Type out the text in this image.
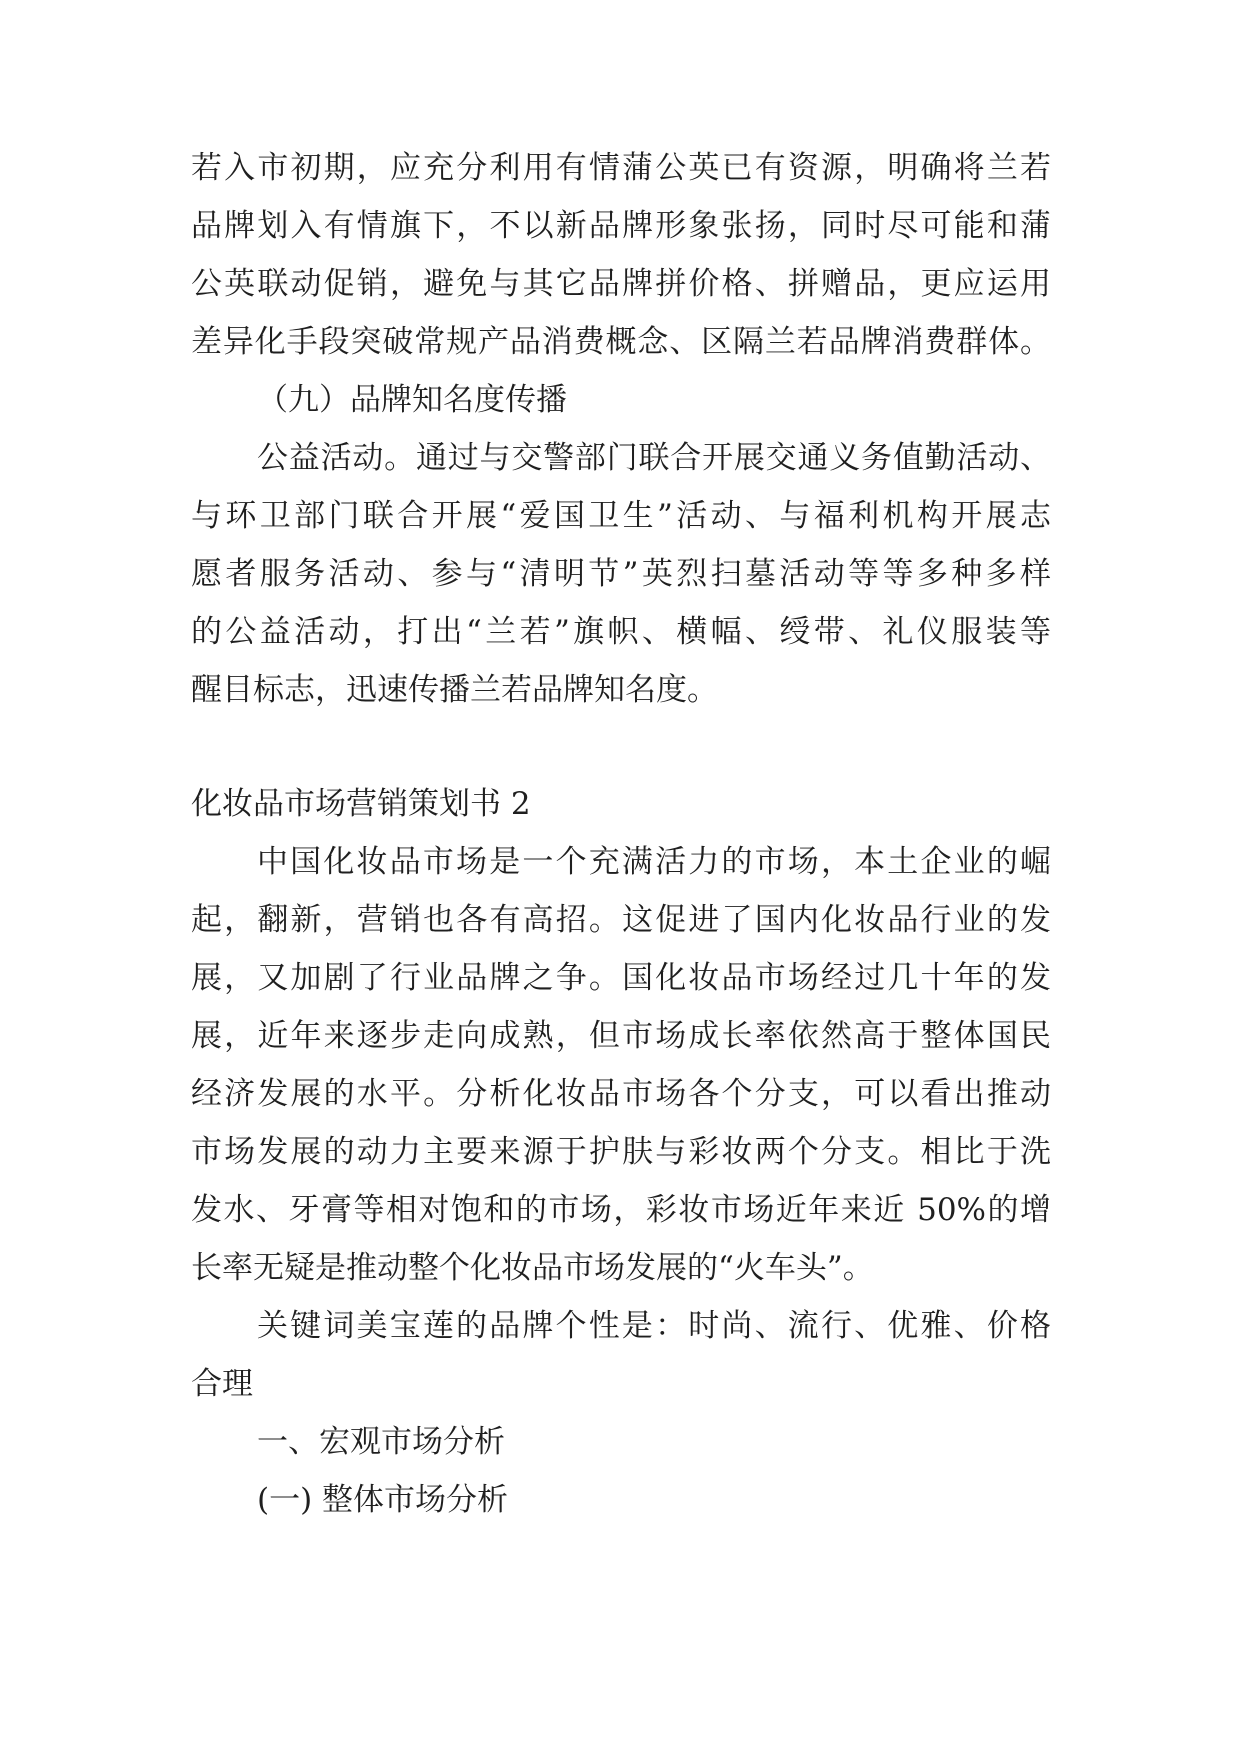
若入市初期，应充分利用有情蒲公英已有资源，明确将兰若
品牌划入有情旗下，不以新品牌形象张扬，同时尽可能和蒲
公英联动促销，避免与其它品牌拼价格、拼赠品，更应运用
差异化手段突破常规产品消费概念、区隔兰若品牌消费群体。
（九）品牌知名度传播
公益活动。通过与交警部门联合开展交通义务值勤活动、
与环卫部门联合开展“爱国卫生”活动、与福利机构开展志
愿者服务活动、参与“清明节”英烈扫墓活动等等多种多样
的公益活动，打出“兰若”旗帜、横幅、绶带、礼仪服装等
醒目标志，迅速传播兰若品牌知名度。
化妆品市场营销策划书 2
中国化妆品市场是一个充满活力的市场，本土企业的崛
起，翻新，营销也各有高招。这促进了国内化妆品行业的发
展，又加剧了行业品牌之争。国化妆品市场经过几十年的发
展，近年来逐步走向成熟，但市场成长率依然高于整体国民
经济发展的水平。分析化妆品市场各个分支，可以看出推动
市场发展的动力主要来源于护肤与彩妆两个分支。相比于洗
发水、牙膏等相对饱和的市场，彩妆市场近年来近 50%的增
长率无疑是推动整个化妆品市场发展的“火车头”。
关键词美宝莲的品牌个性是：时尚、流行、优雅、价格
合理
一、宏观市场分析
(一) 整体市场分析
